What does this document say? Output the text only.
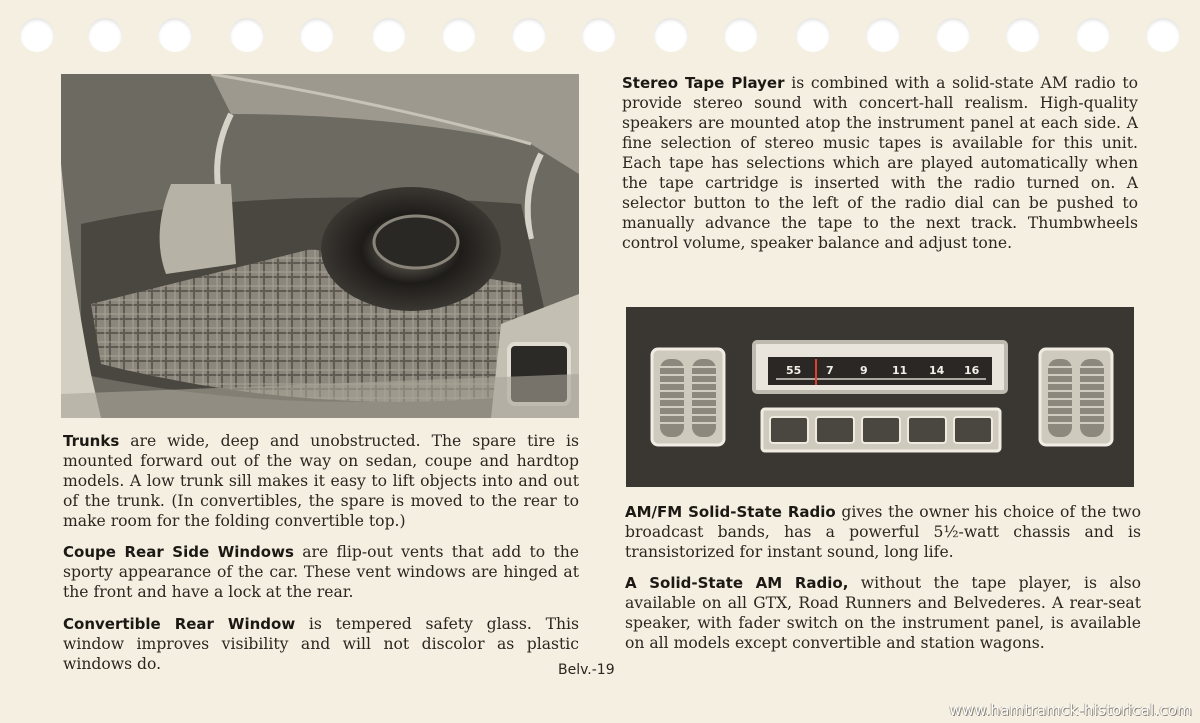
Trunks are wide, deep and unobstructed. The spare tire is mounted forward out of the way on sedan, coupe and hardtop models. A low trunk sill makes it easy to lift objects into and out of the trunk. (In convertibles, the spare is moved to the rear to make room for the folding convertible top.)

Coupe Rear Side Windows are flip-out vents that add to the sporty appearance of the car. These vent windows are hinged at the front and have a lock at the rear.

Convertible Rear Window is tempered safety glass. This window improves visibility and will not discolor as plastic windows do.

Stereo Tape Player is combined with a solid-state AM radio to provide stereo sound with concert-hall realism. High-quality speakers are mounted atop the instrument panel at each side. A fine selection of stereo music tapes is available for this unit. Each tape has selections which are played automatically when the tape cartridge is inserted with the radio turned on. A selector button to the left of the radio dial can be pushed to manually advance the tape to the next track. Thumbwheels control volume, speaker balance and adjust tone.

55 7 9 11 14 16

AM/FM Solid-State Radio gives the owner his choice of the two broadcast bands, has a powerful 5½-watt chassis and is transistorized for instant sound, long life.

A Solid-State AM Radio, without the tape player, is also available on all GTX, Road Runners and Belvederes. A rear-seat speaker, with fader switch on the instrument panel, is available on all models except convertible and station wagons.

Belv.-19
www.hamtramck-historical.com
